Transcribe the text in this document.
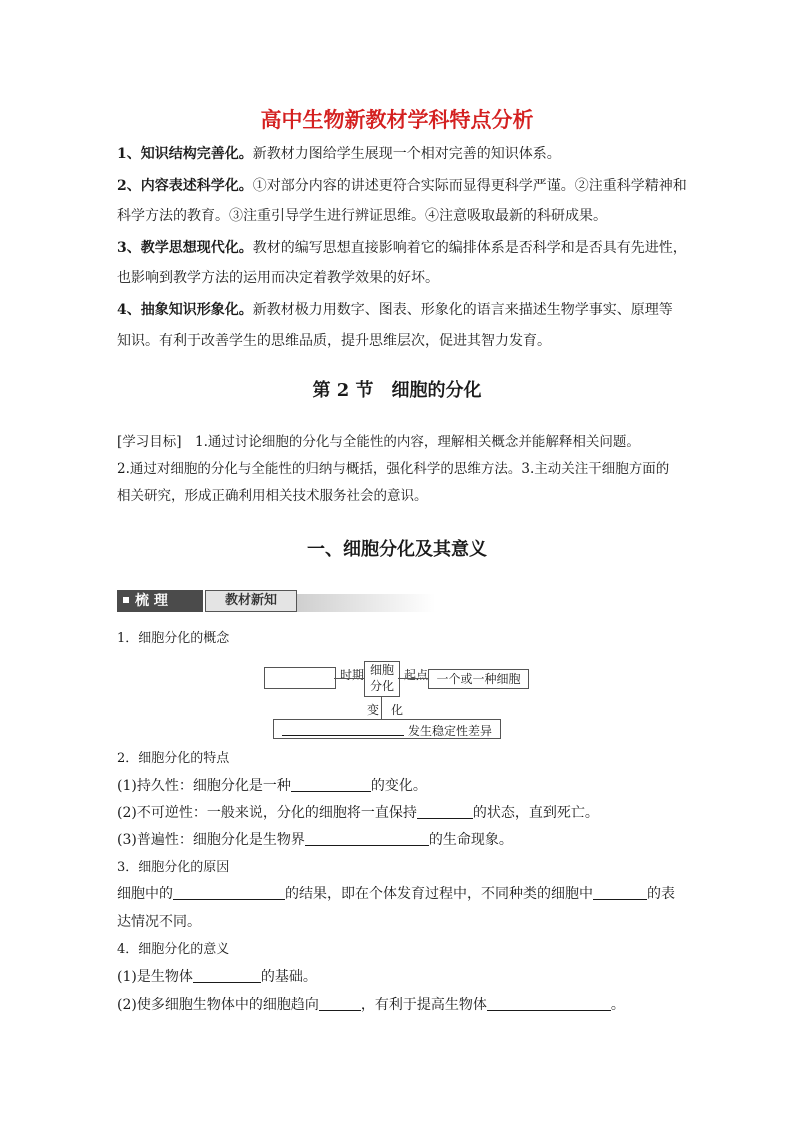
高中生物新教材学科特点分析
1、知识结构完善化。新教材力图给学生展现一个相对完善的知识体系。
2、内容表述科学化。①对部分内容的讲述更符合实际而显得更科学严谨。②注重科学精神和
科学方法的教育。③注重引导学生进行辨证思维。④注意吸取最新的科研成果。
3、教学思想现代化。教材的编写思想直接影响着它的编排体系是否科学和是否具有先进性，
也影响到教学方法的运用而决定着教学效果的好坏。
4、抽象知识形象化。新教材极力用数字、图表、形象化的语言来描述生物学事实、原理等
知识。有利于改善学生的思维品质，提升思维层次，促进其智力发育。
第 2 节　细胞的分化
[学习目标]　1.通过讨论细胞的分化与全能性的内容，理解相关概念并能解释相关问题。
2.通过对细胞的分化与全能性的归纳与概括，强化科学的思维方法。3.主动关注干细胞方面的
相关研究，形成正确利用相关技术服务社会的意识。
一、细胞分化及其意义
梳 理	教材新知
1．细胞分化的概念
时期 细胞
分化
起点 一个或一种细胞
变　化
发生稳定性差异
2．细胞分化的特点
(1)持久性：细胞分化是一种	的变化。
(2)不可逆性：一般来说，分化的细胞将一直保持	的状态，直到死亡。
(3)普遍性：细胞分化是生物界	的生命现象。
3．细胞分化的原因
细胞中的	的结果，即在个体发育过程中，不同种类的细胞中	的表
达情况不同。
4．细胞分化的意义
(1)是生物体	的基础。
(2)使多细胞生物体中的细胞趋向	，有利于提高生物体	。
